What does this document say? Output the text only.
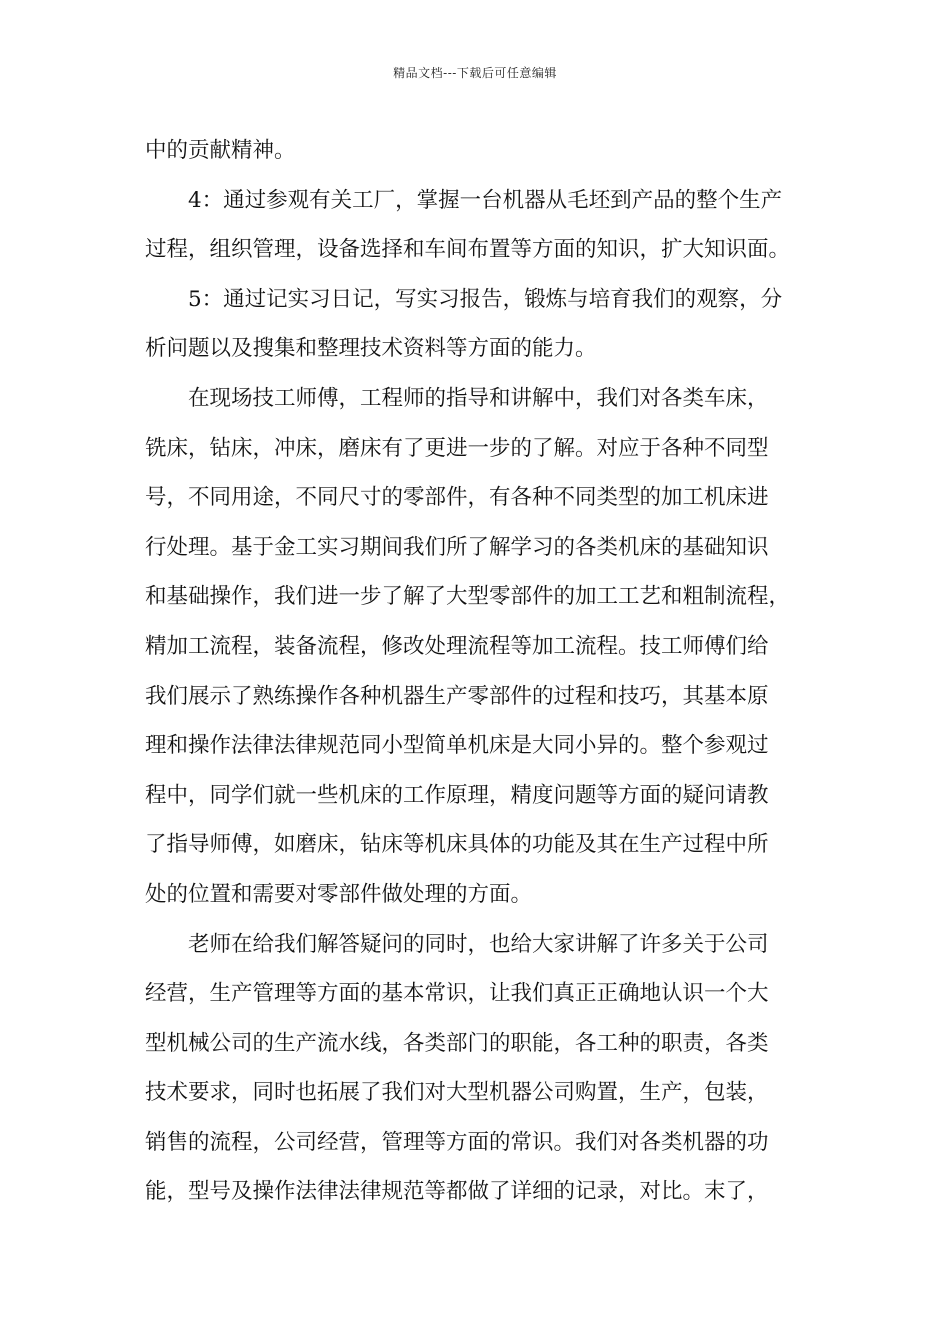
精品文档---下载后可任意编辑
中的贡献精神。
4：通过参观有关工厂，掌握一台机器从毛坯到产品的整个生产
过程，组织管理，设备选择和车间布置等方面的知识，扩大知识面。
5：通过记实习日记，写实习报告，锻炼与培育我们的观察，分
析问题以及搜集和整理技术资料等方面的能力。
在现场技工师傅，工程师的指导和讲解中，我们对各类车床，
铣床，钻床，冲床，磨床有了更进一步的了解。对应于各种不同型
号，不同用途，不同尺寸的零部件，有各种不同类型的加工机床进
行处理。基于金工实习期间我们所了解学习的各类机床的基础知识
和基础操作，我们进一步了解了大型零部件的加工工艺和粗制流程，
精加工流程，装备流程，修改处理流程等加工流程。技工师傅们给
我们展示了熟练操作各种机器生产零部件的过程和技巧，其基本原
理和操作法律法律规范同小型简单机床是大同小异的。整个参观过
程中，同学们就一些机床的工作原理，精度问题等方面的疑问请教
了指导师傅，如磨床，钻床等机床具体的功能及其在生产过程中所
处的位置和需要对零部件做处理的方面。
老师在给我们解答疑问的同时，也给大家讲解了许多关于公司
经营，生产管理等方面的基本常识，让我们真正正确地认识一个大
型机械公司的生产流水线，各类部门的职能，各工种的职责，各类
技术要求，同时也拓展了我们对大型机器公司购置，生产，包装，
销售的流程，公司经营，管理等方面的常识。我们对各类机器的功
能，型号及操作法律法律规范等都做了详细的记录，对比。末了，
